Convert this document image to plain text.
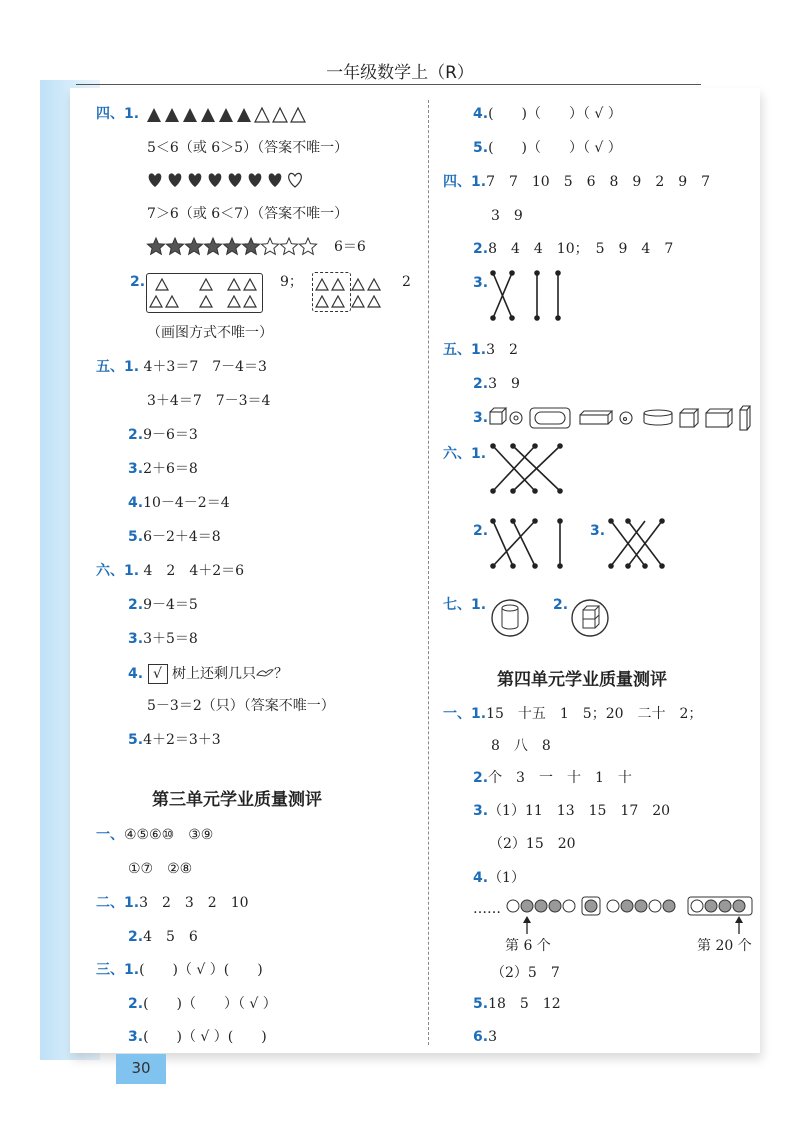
一年级数学上（R）
30
四、1.
5＜6（或 6＞5）（答案不唯一）
7＞6（或 6＜7）（答案不唯一）
6＝6
2.	9；	2
（画图方式不唯一）
五、1. 4＋3＝7　7－4＝3
3＋4＝7　7－3＝4
2.9－6＝3
3.2＋6＝8
4.10－4－2＝4
5.6－2＋4＝8
六、1. 4　2　4＋2＝6
2.9－4＝5
3.3＋5＝8
4. √ 树上还剩几只 ？
5－3＝2（只）（答案不唯一）
5.4＋2＝3＋3
第三单元学业质量测评
一、④⑤⑥⑩　③⑨
①⑦　②⑧
二、1.3　2　3　2　10
2.4　5　6
三、1.(　　)（ √ ）(　　)
2.(　　)（　　）（ √ ）
3.(　　)（ √ ）(　　)
4.(　　)（　　）（ √ ）
5.(　　)（　　）（ √ ）
四、1.7　7　10　5　6　8　9　2　9　7
3　9
2.8　4　4　10；　5　9　4　7
3.
五、1.3　2
2.3　9
3.
六、1.
2.	3.
七、1.	2.
第四单元学业质量测评
一、1.15　十五　1　5；20　二十　2；
8　八　8
2.个　3　一　十　1　十
3.（1）11　13　15　17　20
（2）15　20
4.（1）
……
第 6 个	第 20 个
（2）5　7
5.18　5　12
6.3
